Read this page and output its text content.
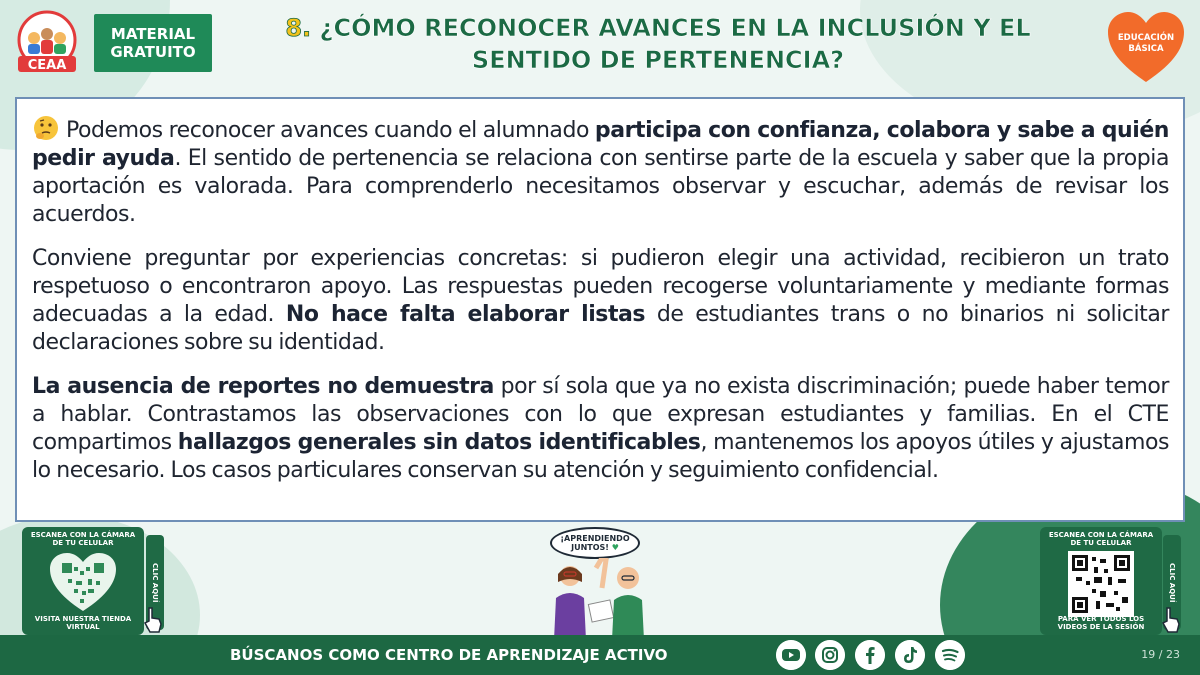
CEAA
MATERIAL
GRATUITO
8. ¿CÓMO RECONOCER AVANCES EN LA INCLUSIÓN Y EL
SENTIDO DE PERTENENCIA?
EDUCACIÓN
BÁSICA

Podemos reconocer avances cuando el alumnado participa con confianza, colabora y sabe a quién pedir ayuda. El sentido de pertenencia se relaciona con sentirse parte de la escuela y saber que la propia aportación es valorada. Para comprenderlo necesitamos observar y escuchar, además de revisar los acuerdos.

Conviene preguntar por experiencias concretas: si pudieron elegir una actividad, recibieron un trato respetuoso o encontraron apoyo. Las respuestas pueden recogerse voluntariamente y mediante formas adecuadas a la edad. No hace falta elaborar listas de estudiantes trans o no binarios ni solicitar declaraciones sobre su identidad.

La ausencia de reportes no demuestra por sí sola que ya no exista discriminación; puede haber temor a hablar. Contrastamos las observaciones con lo que expresan estudiantes y familias. En el CTE compartimos hallazgos generales sin datos identificables, mantenemos los apoyos útiles y ajustamos lo necesario. Los casos particulares conservan su atención y seguimiento confidencial.

ESCANEA CON LA CÁMARA DE TU CELULAR
VISITA NUESTRA TIENDA VIRTUAL
CLIC AQUÍ
ESCANEA CON LA CÁMARA DE TU CELULAR
PARA VER TODOS LOS VIDEOS DE LA SESIÓN
CLIC AQUÍ
¡APRENDIENDO
JUNTOS! ♥
BÚSCANOS COMO CENTRO DE APRENDIZAJE ACTIVO	19 / 23
